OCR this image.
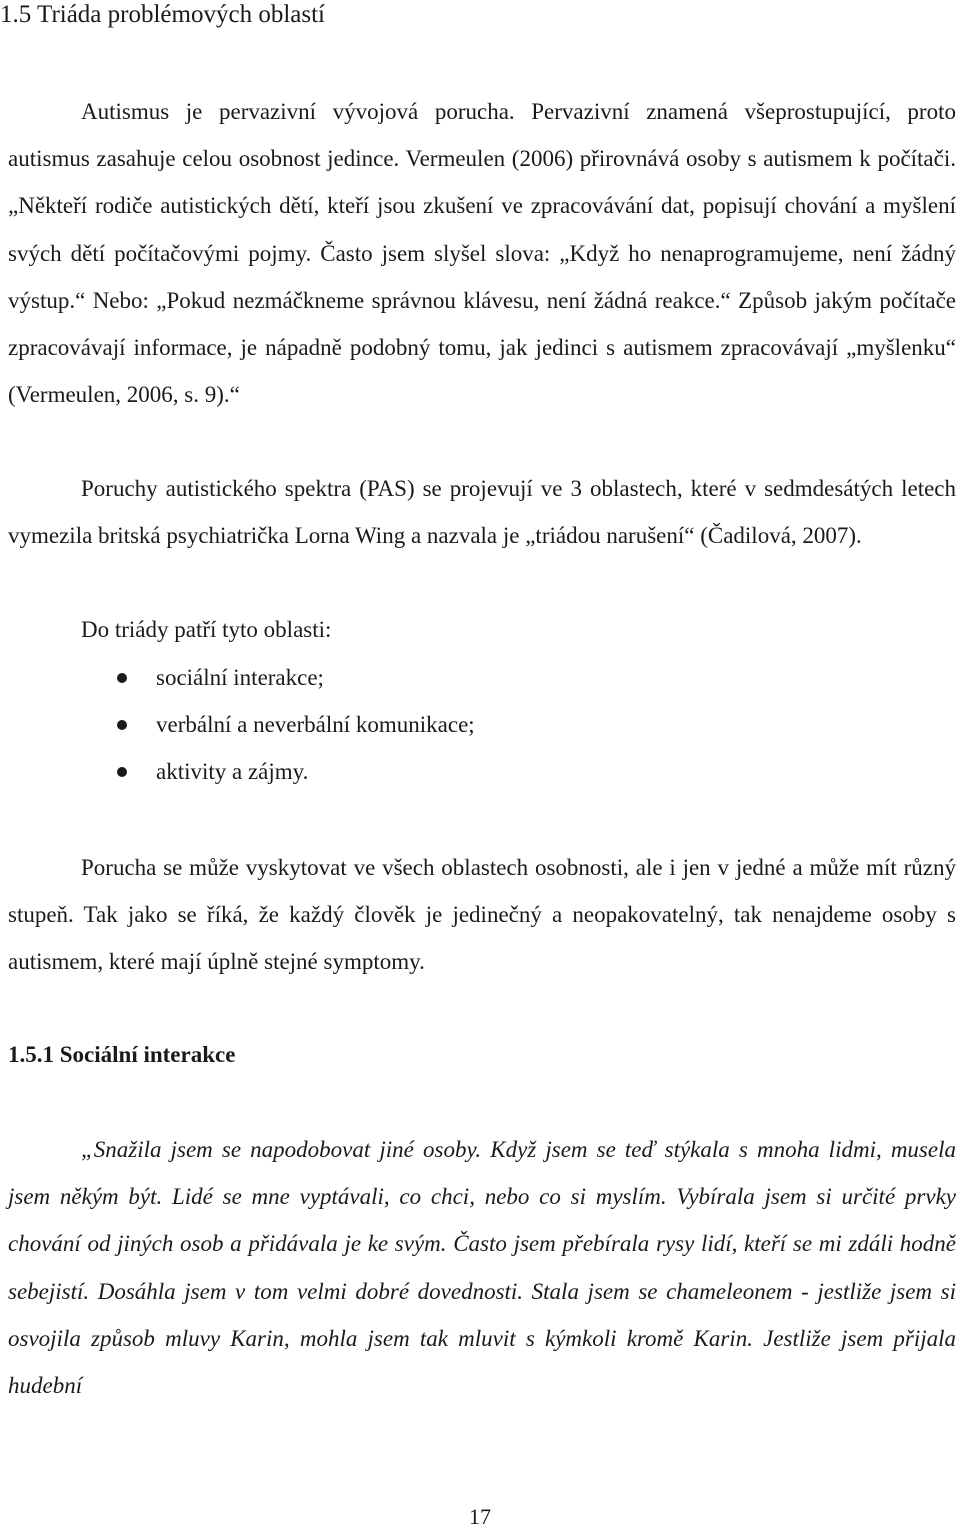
1.5 Triáda problémových oblastí

Autismus je pervazivní vývojová porucha. Pervazivní znamená všeprostupující, proto autismus zasahuje celou osobnost jedince. Vermeulen (2006) přirovnává osoby s autismem k počítači. „Někteří rodiče autistických dětí, kteří jsou zkušení ve zpracovávání dat, popisují chování a myšlení svých dětí počítačovými pojmy. Často jsem slyšel slova: „Když ho nenaprogramujeme, není žádný výstup.“ Nebo: „Pokud nezmáčkneme správnou klávesu, není žádná reakce.“ Způsob jakým počítače zpracovávají informace, je nápadně podobný tomu, jak jedinci s autismem zpracovávají „myšlenku“ (Vermeulen, 2006, s. 9).“

Poruchy autistického spektra (PAS) se projevují ve 3 oblastech, které v sedmdesátých letech vymezila britská psychiatrička Lorna Wing a nazvala je „triádou narušení“ (Čadilová, 2007).

Do triády patří tyto oblasti:

sociální interakce;
verbální a neverbální komunikace;
aktivity a zájmy.

Porucha se může vyskytovat ve všech oblastech osobnosti, ale i jen v jedné a může mít různý stupeň. Tak jako se říká, že každý člověk je jedinečný a neopakovatelný, tak nenajdeme osoby s autismem, které mají úplně stejné symptomy.

1.5.1 Sociální interakce

„Snažila jsem se napodobovat jiné osoby. Když jsem se teď stýkala s mnoha lidmi, musela jsem někým být. Lidé se mne vyptávali, co chci, nebo co si myslím. Vybírala jsem si určité prvky chování od jiných osob a přidávala je ke svým. Často jsem přebírala rysy lidí, kteří se mi zdáli hodně sebejistí. Dosáhla jsem v tom velmi dobré dovednosti. Stala jsem se chameleonem - jestliže jsem si osvojila způsob mluvy Karin, mohla jsem tak mluvit s kýmkoli kromě Karin. Jestliže jsem přijala hudební

17
